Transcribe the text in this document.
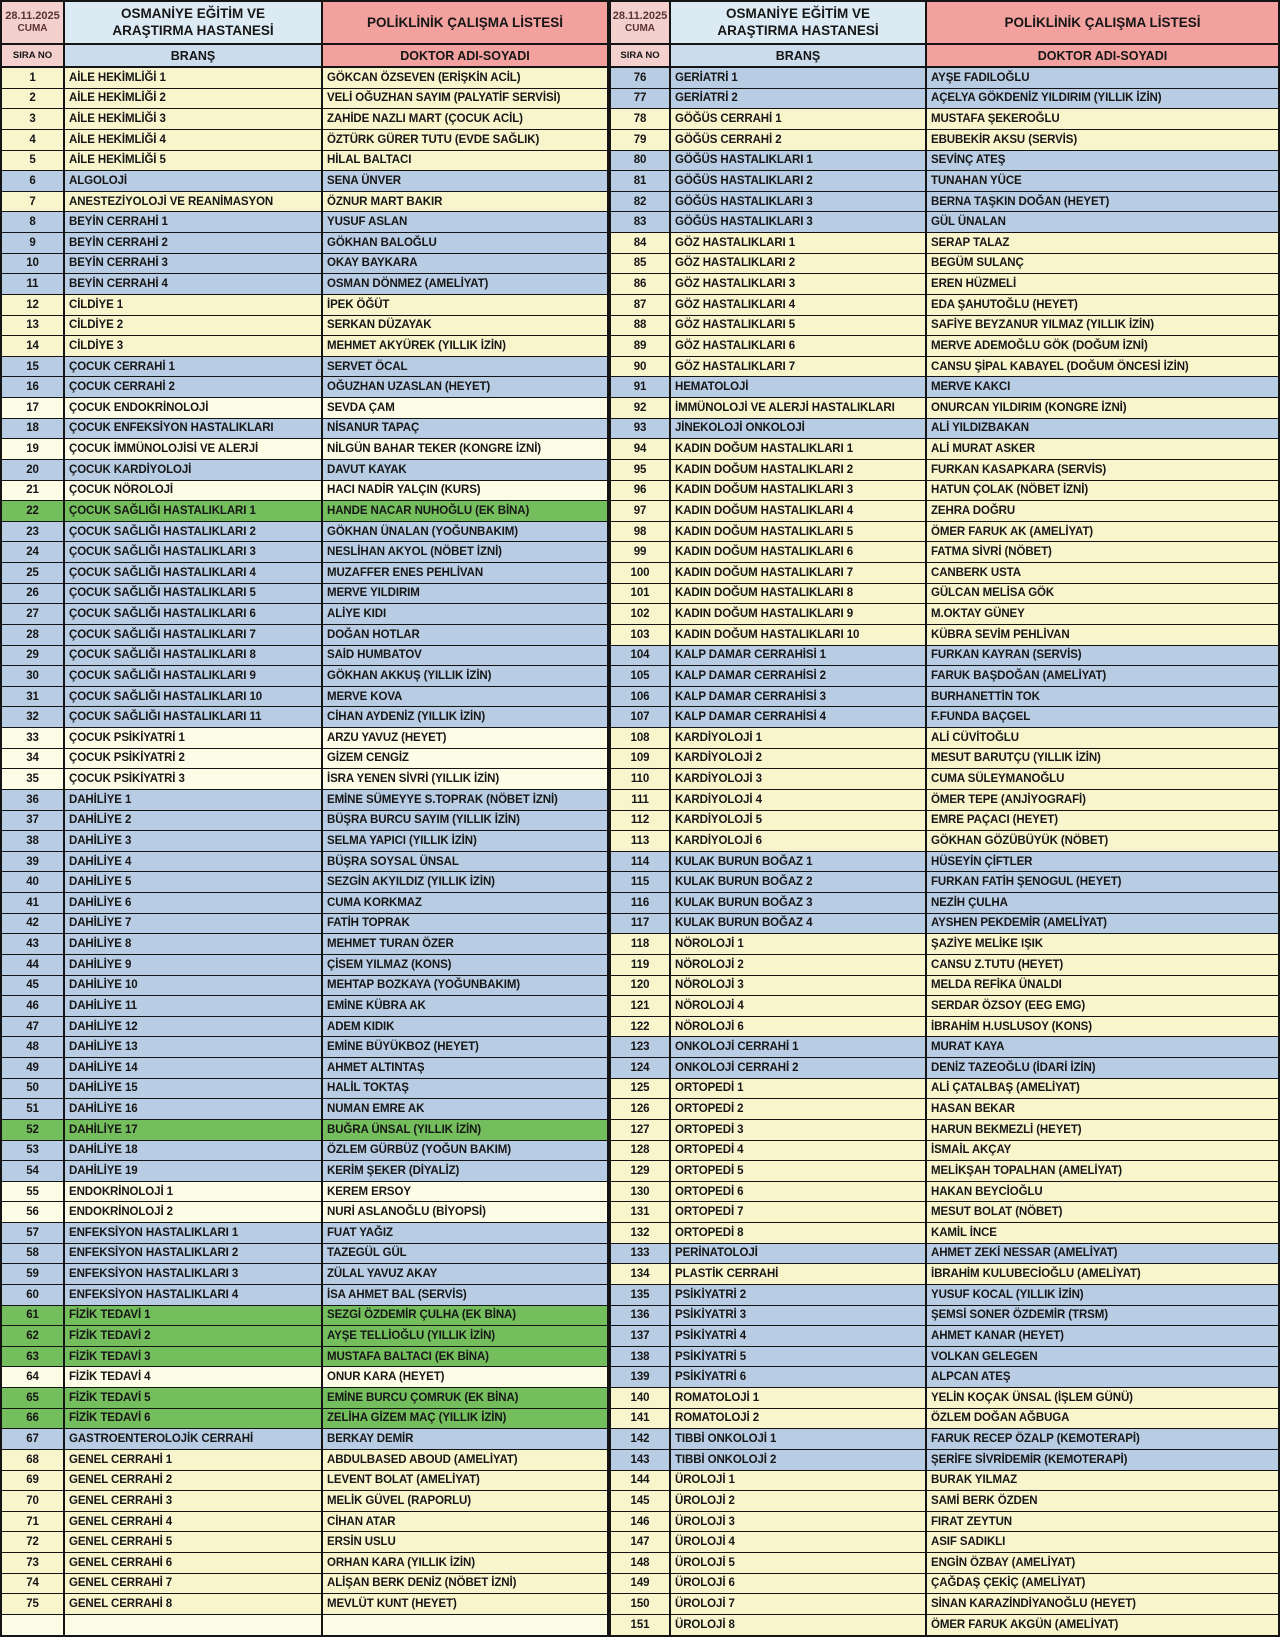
28.11.2025
CUMA
OSMANİYE EĞİTİM VE ARAŞTIRMA HASTANESİ	POLİKLİNİK ÇALIŞMA LİSTESİ
SIRA NO	BRANŞ	DOKTOR ADI-SOYADI
1	AİLE HEKİMLİĞİ 1	GÖKCAN ÖZSEVEN (ERİŞKİN ACİL)
2	AİLE HEKİMLİĞİ 2	VELİ OĞUZHAN SAYIM (PALYATİF SERVİSİ)
3	AİLE HEKİMLİĞİ 3	ZAHİDE NAZLI MART (ÇOCUK ACİL)
4	AİLE HEKİMLİĞİ 4	ÖZTÜRK GÜRER TUTU (EVDE SAĞLIK)
5	AİLE HEKİMLİĞİ 5	HİLAL BALTACI
6	ALGOLOJİ	SENA ÜNVER
7	ANESTEZİYOLOJİ VE REANİMASYON	ÖZNUR MART BAKIR
8	BEYİN CERRAHİ 1	YUSUF ASLAN
9	BEYİN CERRAHİ 2	GÖKHAN BALOĞLU
10	BEYİN CERRAHİ 3	OKAY BAYKARA
11	BEYİN CERRAHİ 4	OSMAN DÖNMEZ (AMELİYAT)
12	CİLDİYE 1	İPEK ÖĞÜT
13	CİLDİYE 2	SERKAN DÜZAYAK
14	CİLDİYE 3	MEHMET AKYÜREK (YILLIK İZİN)
15	ÇOCUK CERRAHİ 1	SERVET ÖCAL
16	ÇOCUK CERRAHİ 2	OĞUZHAN UZASLAN (HEYET)
17	ÇOCUK ENDOKRİNOLOJİ	SEVDA ÇAM
18	ÇOCUK ENFEKSİYON HASTALIKLARI	NİSANUR TAPAÇ
19	ÇOCUK İMMÜNOLOJİSİ VE ALERJİ	NİLGÜN BAHAR TEKER (KONGRE İZNİ)
20	ÇOCUK KARDİYOLOJİ	DAVUT KAYAK
21	ÇOCUK NÖROLOJİ	HACI NADİR YALÇIN (KURS)
22	ÇOCUK SAĞLIĞI HASTALIKLARI 1	HANDE NACAR NUHOĞLU (EK BİNA)
23	ÇOCUK SAĞLIĞI HASTALIKLARI 2	GÖKHAN ÜNALAN (YOĞUNBAKIM)
24	ÇOCUK SAĞLIĞI HASTALIKLARI 3	NESLİHAN AKYOL (NÖBET İZNİ)
25	ÇOCUK SAĞLIĞI HASTALIKLARI 4	MUZAFFER ENES PEHLİVAN
26	ÇOCUK SAĞLIĞI HASTALIKLARI 5	MERVE YILDIRIM
27	ÇOCUK SAĞLIĞI HASTALIKLARI 6	ALİYE KIDI
28	ÇOCUK SAĞLIĞI HASTALIKLARI 7	DOĞAN HOTLAR
29	ÇOCUK SAĞLIĞI HASTALIKLARI 8	SAİD HUMBATOV
30	ÇOCUK SAĞLIĞI HASTALIKLARI 9	GÖKHAN AKKUŞ (YILLIK İZİN)
31	ÇOCUK SAĞLIĞI HASTALIKLARI 10	MERVE KOVA
32	ÇOCUK SAĞLIĞI HASTALIKLARI 11	CİHAN AYDENİZ (YILLIK İZİN)
33	ÇOCUK PSİKİYATRİ 1	ARZU YAVUZ (HEYET)
34	ÇOCUK PSİKİYATRİ 2	GİZEM CENGİZ
35	ÇOCUK PSİKİYATRİ 3	İSRA YENEN SİVRİ (YILLIK İZİN)
36	DAHİLİYE 1	EMİNE SÜMEYYE S.TOPRAK (NÖBET İZNİ)
37	DAHİLİYE 2	BÜŞRA BURCU SAYIM (YILLIK İZİN)
38	DAHİLİYE 3	SELMA YAPICI (YILLIK İZİN)
39	DAHİLİYE 4	BÜŞRA SOYSAL ÜNSAL
40	DAHİLİYE 5	SEZGİN AKYILDIZ (YILLIK İZİN)
41	DAHİLİYE 6	CUMA KORKMAZ
42	DAHİLİYE 7	FATİH TOPRAK
43	DAHİLİYE 8	MEHMET TURAN ÖZER
44	DAHİLİYE 9	ÇİSEM YILMAZ (KONS)
45	DAHİLİYE 10	MEHTAP BOZKAYA (YOĞUNBAKIM)
46	DAHİLİYE 11	EMİNE KÜBRA AK
47	DAHİLİYE 12	ADEM KIDIK
48	DAHİLİYE 13	EMİNE BÜYÜKBOZ (HEYET)
49	DAHİLİYE 14	AHMET ALTINTAŞ
50	DAHİLİYE 15	HALİL TOKTAŞ
51	DAHİLİYE 16	NUMAN EMRE AK
52	DAHİLİYE 17	BUĞRA ÜNSAL (YILLIK İZİN)
53	DAHİLİYE 18	ÖZLEM GÜRBÜZ (YOĞUN BAKIM)
54	DAHİLİYE 19	KERİM ŞEKER (DİYALİZ)
55	ENDOKRİNOLOJİ 1	KEREM ERSOY
56	ENDOKRİNOLOJİ 2	NURİ ASLANOĞLU (BİYOPSİ)
57	ENFEKSİYON HASTALIKLARI 1	FUAT YAĞIZ
58	ENFEKSİYON HASTALIKLARI 2	TAZEGÜL GÜL
59	ENFEKSİYON HASTALIKLARI 3	ZÜLAL YAVUZ AKAY
60	ENFEKSİYON HASTALIKLARI 4	İSA AHMET BAL (SERVİS)
61	FİZİK TEDAVİ 1	SEZGİ ÖZDEMİR ÇULHA (EK BİNA)
62	FİZİK TEDAVİ 2	AYŞE TELLİOĞLU (YILLIK İZİN)
63	FİZİK TEDAVİ 3	MUSTAFA BALTACI (EK BİNA)
64	FİZİK TEDAVİ 4	ONUR KARA (HEYET)
65	FİZİK TEDAVİ 5	EMİNE BURCU ÇOMRUK (EK BİNA)
66	FİZİK TEDAVİ 6	ZELİHA GİZEM MAÇ (YILLIK İZİN)
67	GASTROENTEROLOJİK CERRAHİ	BERKAY DEMİR
68	GENEL CERRAHİ 1	ABDULBASED ABOUD (AMELİYAT)
69	GENEL CERRAHİ 2	LEVENT BOLAT (AMELİYAT)
70	GENEL CERRAHİ 3	MELİK GÜVEL (RAPORLU)
71	GENEL CERRAHİ 4	CİHAN ATAR
72	GENEL CERRAHİ 5	ERSİN USLU
73	GENEL CERRAHİ 6	ORHAN KARA (YILLIK İZİN)
74	GENEL CERRAHİ 7	ALİŞAN BERK DENİZ (NÖBET İZNİ)
75	GENEL CERRAHİ 8	MEVLÜT KUNT (HEYET)
28.11.2025
CUMA
OSMANİYE EĞİTİM VE ARAŞTIRMA HASTANESİ	POLİKLİNİK ÇALIŞMA LİSTESİ
SIRA NO	BRANŞ	DOKTOR ADI-SOYADI
76	GERİATRİ 1	AYŞE FADILOĞLU
77	GERİATRİ 2	AÇELYA GÖKDENİZ YILDIRIM (YILLIK İZİN)
78	GÖĞÜS CERRAHİ 1	MUSTAFA ŞEKEROĞLU
79	GÖĞÜS CERRAHİ 2	EBUBEKİR AKSU (SERVİS)
80	GÖĞÜS HASTALIKLARI 1	SEVİNÇ ATEŞ
81	GÖĞÜS HASTALIKLARI 2	TUNAHAN YÜCE
82	GÖĞÜS HASTALIKLARI 3	BERNA TAŞKIN DOĞAN (HEYET)
83	GÖĞÜS HASTALIKLARI 3	GÜL ÜNALAN
84	GÖZ HASTALIKLARI 1	SERAP TALAZ
85	GÖZ HASTALIKLARI 2	BEGÜM SULANÇ
86	GÖZ HASTALIKLARI 3	EREN HÜZMELİ
87	GÖZ HASTALIKLARI 4	EDA ŞAHUTOĞLU (HEYET)
88	GÖZ HASTALIKLARI 5	SAFİYE BEYZANUR YILMAZ (YILLIK İZİN)
89	GÖZ HASTALIKLARI 6	MERVE ADEMOĞLU GÖK (DOĞUM İZNİ)
90	GÖZ HASTALIKLARI 7	CANSU ŞİPAL KABAYEL (DOĞUM ÖNCESİ İZİN)
91	HEMATOLOJİ	MERVE KAKCI
92	İMMÜNOLOJİ VE ALERJİ HASTALIKLARI	ONURCAN YILDIRIM (KONGRE İZNİ)
93	JİNEKOLOJİ ONKOLOJİ	ALİ YILDIZBAKAN
94	KADIN DOĞUM HASTALIKLARI 1	ALİ MURAT ASKER
95	KADIN DOĞUM HASTALIKLARI 2	FURKAN KASAPKARA (SERVİS)
96	KADIN DOĞUM HASTALIKLARI 3	HATUN ÇOLAK (NÖBET İZNİ)
97	KADIN DOĞUM HASTALIKLARI 4	ZEHRA DOĞRU
98	KADIN DOĞUM HASTALIKLARI 5	ÖMER FARUK AK (AMELİYAT)
99	KADIN DOĞUM HASTALIKLARI 6	FATMA SİVRİ (NÖBET)
100	KADIN DOĞUM HASTALIKLARI 7	CANBERK USTA
101	KADIN DOĞUM HASTALIKLARI 8	GÜLCAN MELİSA GÖK
102	KADIN DOĞUM HASTALIKLARI 9	M.OKTAY GÜNEY
103	KADIN DOĞUM HASTALIKLARI 10	KÜBRA SEVİM PEHLİVAN
104	KALP DAMAR CERRAHİSİ 1	FURKAN KAYRAN (SERVİS)
105	KALP DAMAR CERRAHİSİ 2	FARUK BAŞDOĞAN (AMELİYAT)
106	KALP DAMAR CERRAHİSİ 3	BURHANETTİN TOK
107	KALP DAMAR CERRAHİSİ 4	F.FUNDA BAÇGEL
108	KARDİYOLOJİ 1	ALİ CÜVİTOĞLU
109	KARDİYOLOJİ 2	MESUT BARUTÇU (YILLIK İZİN)
110	KARDİYOLOJİ 3	CUMA SÜLEYMANOĞLU
111	KARDİYOLOJİ 4	ÖMER TEPE (ANJİYOGRAFİ)
112	KARDİYOLOJİ 5	EMRE PAÇACI (HEYET)
113	KARDİYOLOJİ 6	GÖKHAN GÖZÜBÜYÜK (NÖBET)
114	KULAK BURUN BOĞAZ 1	HÜSEYİN ÇİFTLER
115	KULAK BURUN BOĞAZ 2	FURKAN FATİH ŞENOGUL (HEYET)
116	KULAK BURUN BOĞAZ 3	NEZİH ÇULHA
117	KULAK BURUN BOĞAZ 4	AYSHEN PEKDEMİR (AMELİYAT)
118	NÖROLOJİ 1	ŞAZİYE MELİKE IŞIK
119	NÖROLOJİ 2	CANSU Z.TUTU (HEYET)
120	NÖROLOJİ 3	MELDA REFİKA ÜNALDI
121	NÖROLOJİ 4	SERDAR ÖZSOY (EEG EMG)
122	NÖROLOJİ 6	İBRAHİM H.USLUSOY (KONS)
123	ONKOLOJİ CERRAHİ 1	MURAT KAYA
124	ONKOLOJİ CERRAHİ 2	DENİZ TAZEOĞLU (İDARİ İZİN)
125	ORTOPEDİ 1	ALİ ÇATALBAŞ (AMELİYAT)
126	ORTOPEDİ 2	HASAN BEKAR
127	ORTOPEDİ 3	HARUN BEKMEZLİ (HEYET)
128	ORTOPEDİ 4	İSMAİL AKÇAY
129	ORTOPEDİ 5	MELİKŞAH TOPALHAN (AMELİYAT)
130	ORTOPEDİ 6	HAKAN BEYCİOĞLU
131	ORTOPEDİ 7	MESUT BOLAT (NÖBET)
132	ORTOPEDİ 8	KAMİL İNCE
133	PERİNATOLOJİ	AHMET ZEKİ NESSAR (AMELİYAT)
134	PLASTİK CERRAHİ	İBRAHİM KULUBECİOĞLU (AMELİYAT)
135	PSİKİYATRİ 2	YUSUF KOCAL (YILLIK İZİN)
136	PSİKİYATRİ 3	ŞEMSİ SONER ÖZDEMİR (TRSM)
137	PSİKİYATRİ 4	AHMET KANAR (HEYET)
138	PSİKİYATRİ 5	VOLKAN GELEGEN
139	PSİKİYATRİ 6	ALPCAN ATEŞ
140	ROMATOLOJİ 1	YELİN KOÇAK ÜNSAL (İŞLEM GÜNÜ)
141	ROMATOLOJİ 2	ÖZLEM DOĞAN AĞBUGA
142	TIBBİ ONKOLOJİ 1	FARUK RECEP ÖZALP (KEMOTERAPİ)
143	TIBBİ ONKOLOJİ 2	ŞERİFE SİVRİDEMİR (KEMOTERAPİ)
144	ÜROLOJİ 1	BURAK YILMAZ
145	ÜROLOJİ 2	SAMİ BERK ÖZDEN
146	ÜROLOJİ 3	FIRAT ZEYTUN
147	ÜROLOJİ 4	ASIF SADIKLI
148	ÜROLOJİ 5	ENGİN ÖZBAY (AMELİYAT)
149	ÜROLOJİ 6	ÇAĞDAŞ ÇEKİÇ (AMELİYAT)
150	ÜROLOJİ 7	SİNAN KARAZİNDİYANOĞLU (HEYET)
151	ÜROLOJİ 8	ÖMER FARUK AKGÜN (AMELİYAT)
